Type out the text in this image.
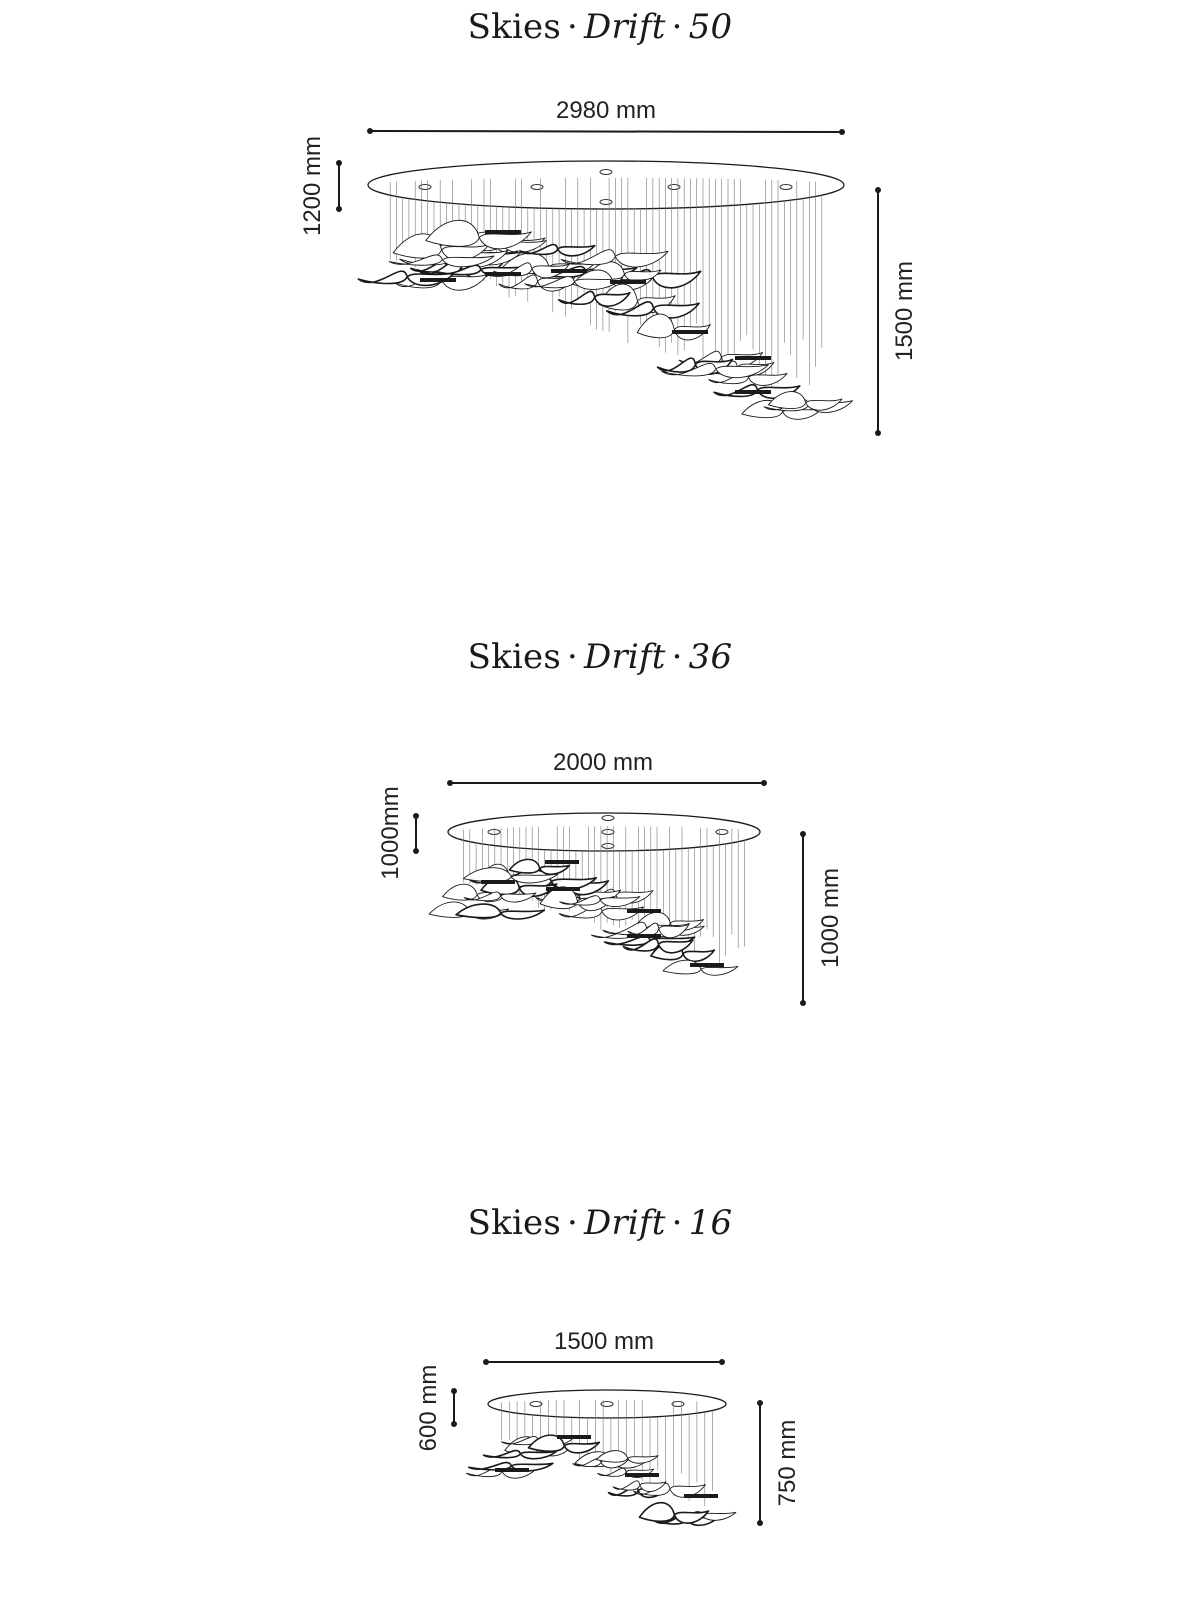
Skies · Drift · 50
Skies · Drift · 36
Skies · Drift · 16
2980 mm
1200 mm
1500 mm
2000 mm
1000mm
1000 mm
1500 mm
600 mm
750 mm
